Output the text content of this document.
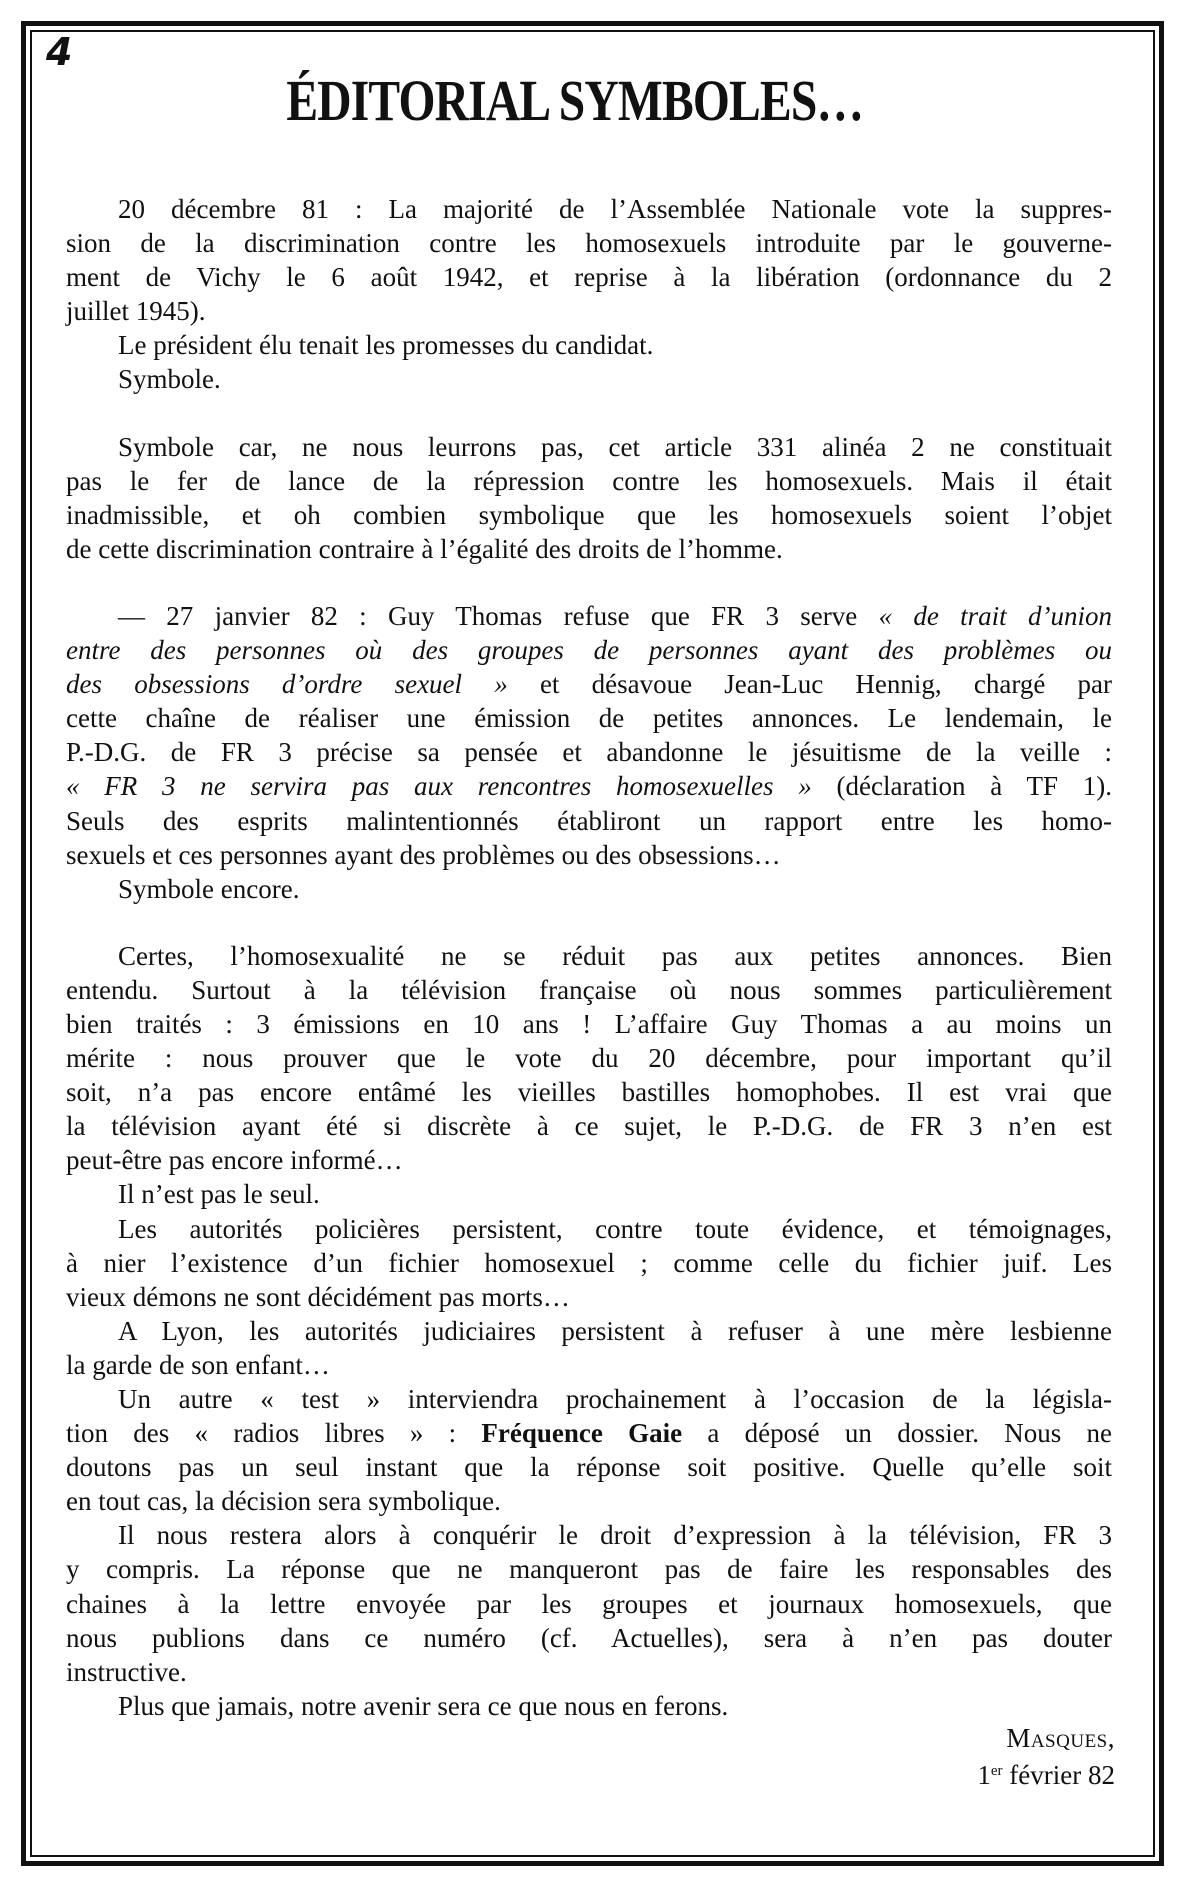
4
ÉDITORIAL SYMBOLES…
20 décembre 81 : La majorité de l’Assemblée Nationale vote la suppres-
sion de la discrimination contre les homosexuels introduite par le gouverne-
ment de Vichy le 6 août 1942, et reprise à la libération (ordonnance du 2
juillet 1945).
Le président élu tenait les promesses du candidat.
Symbole.
Symbole car, ne nous leurrons pas, cet article 331 alinéa 2 ne constituait
pas le fer de lance de la répression contre les homosexuels. Mais il était
inadmissible, et oh combien symbolique que les homosexuels soient l’objet
de cette discrimination contraire à l’égalité des droits de l’homme.
— 27 janvier 82 : Guy Thomas refuse que FR 3 serve « de trait d’union
entre des personnes où des groupes de personnes ayant des problèmes ou
des obsessions d’ordre sexuel » et désavoue Jean-Luc Hennig, chargé par
cette chaîne de réaliser une émission de petites annonces. Le lendemain, le
P.-D.G. de FR 3 précise sa pensée et abandonne le jésuitisme de la veille :
« FR 3 ne servira pas aux rencontres homosexuelles » (déclaration à TF 1).
Seuls des esprits malintentionnés établiront un rapport entre les homo-
sexuels et ces personnes ayant des problèmes ou des obsessions…
Symbole encore.
Certes, l’homosexualité ne se réduit pas aux petites annonces. Bien
entendu. Surtout à la télévision française où nous sommes particulièrement
bien traités : 3 émissions en 10 ans ! L’affaire Guy Thomas a au moins un
mérite : nous prouver que le vote du 20 décembre, pour important qu’il
soit, n’a pas encore entâmé les vieilles bastilles homophobes. Il est vrai que
la télévision ayant été si discrète à ce sujet, le P.-D.G. de FR 3 n’en est
peut-être pas encore informé…
Il n’est pas le seul.
Les autorités policières persistent, contre toute évidence, et témoignages,
à nier l’existence d’un fichier homosexuel ; comme celle du fichier juif. Les
vieux démons ne sont décidément pas morts…
A Lyon, les autorités judiciaires persistent à refuser à une mère lesbienne
la garde de son enfant…
Un autre « test » interviendra prochainement à l’occasion de la législa-
tion des « radios libres » : Fréquence Gaie a déposé un dossier. Nous ne
doutons pas un seul instant que la réponse soit positive. Quelle qu’elle soit
en tout cas, la décision sera symbolique.
Il nous restera alors à conquérir le droit d’expression à la télévision, FR 3
y compris. La réponse que ne manqueront pas de faire les responsables des
chaines à la lettre envoyée par les groupes et journaux homosexuels, que
nous publions dans ce numéro (cf. Actuelles), sera à n’en pas douter
instructive.
Plus que jamais, notre avenir sera ce que nous en ferons.
Masques,
1er février 82
